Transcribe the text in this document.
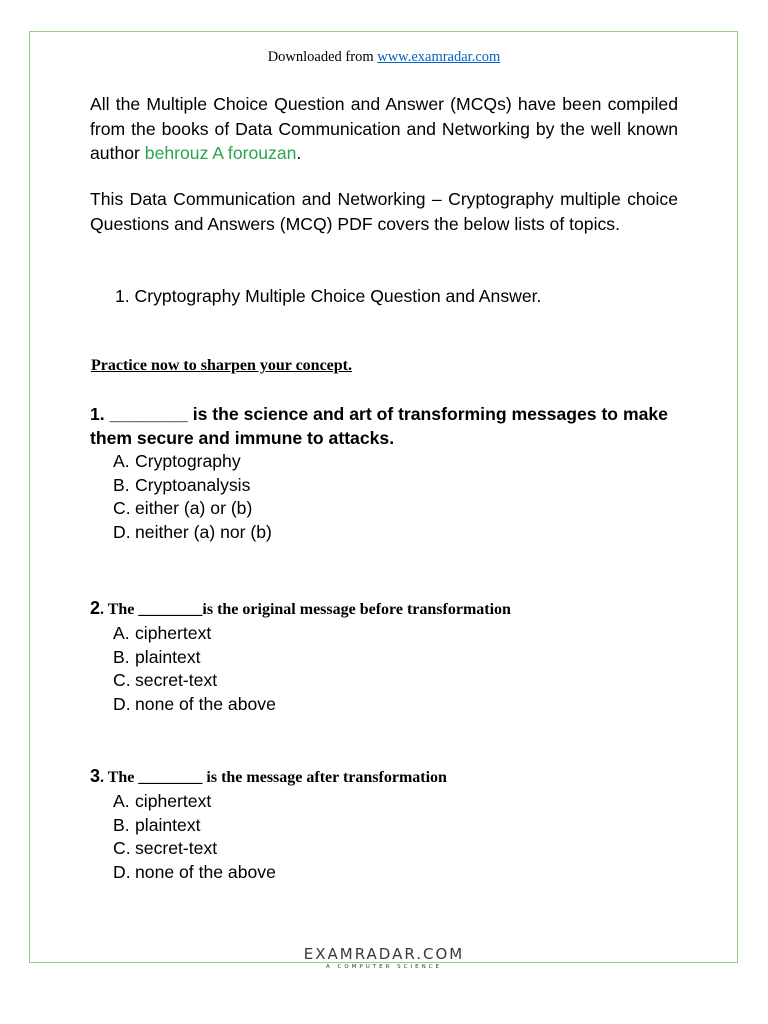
Downloaded from www.examradar.com
All the Multiple Choice Question and Answer (MCQs) have been compiled from the books of Data Communication and Networking by the well known author behrouz A forouzan.
This Data Communication and Networking – Cryptography multiple choice Questions and Answers (MCQ) PDF covers the below lists of topics.
1. Cryptography Multiple Choice Question and Answer.
Practice now to sharpen your concept.
1. ________ is the science and art of transforming messages to make them secure and immune to attacks.
A. Cryptography
B. Cryptoanalysis
C. either (a) or (b)
D. neither (a) nor (b)
2. The ________is the original message before transformation
A. ciphertext
B. plaintext
C. secret-text
D. none of the above
3. The ________ is the message after transformation
A. ciphertext
B. plaintext
C. secret-text
D. none of the above
EXAMRADAR.COM
A COMPUTER SCIENCE
